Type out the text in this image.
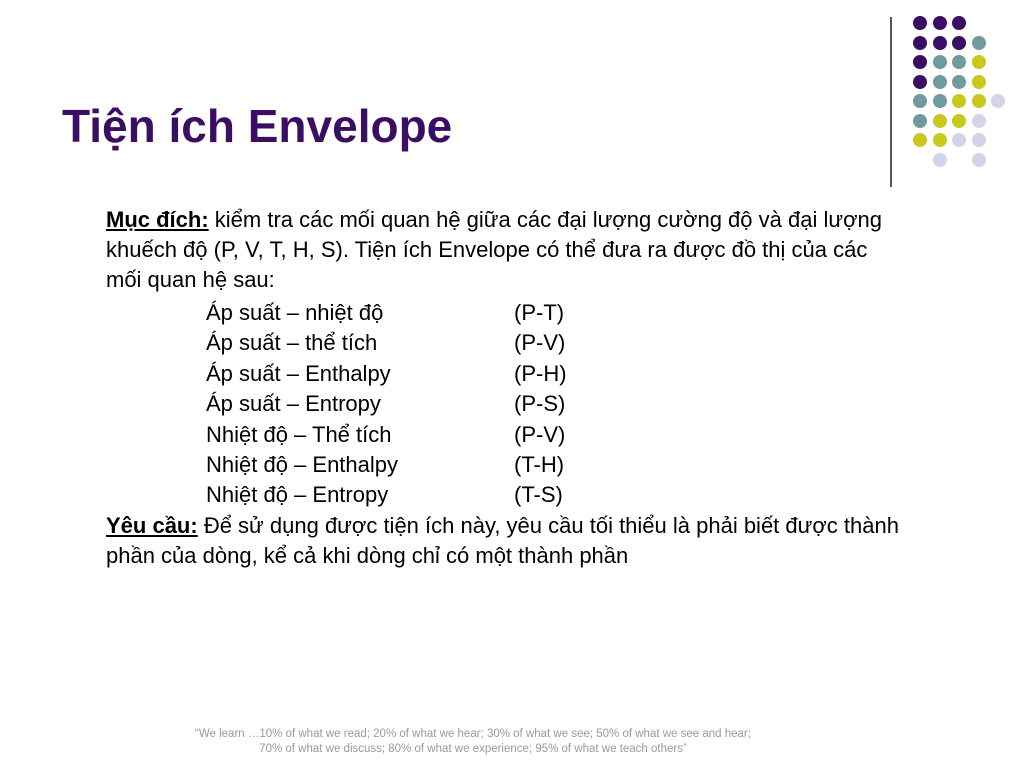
Tiện ích Envelope
Mục đích: kiểm tra các mối quan hệ giữa các đại lượng cường độ và đại lượng khuếch độ (P, V, T, H, S). Tiện ích Envelope có thể đưa ra được đồ thị của các mối quan hệ sau:
Áp suất – nhiệt độ	(P-T)
Áp suất – thể tích	(P-V)
Áp suất – Enthalpy	(P-H)
Áp suất – Entropy	(P-S)
Nhiệt độ – Thể tích	(P-V)
Nhiệt độ – Enthalpy	(T-H)
Nhiệt độ – Entropy	(T-S)
Yêu cầu: Để sử dụng được tiện ích này, yêu cầu tối thiểu là phải biết được thành phần của dòng, kể cả khi dòng chỉ có một thành phần
“We learn …10% of what we read; 20% of what we hear; 30% of what we see; 50% of what we see and hear;
70% of what we discuss; 80% of what we experience; 95% of what we teach others”
